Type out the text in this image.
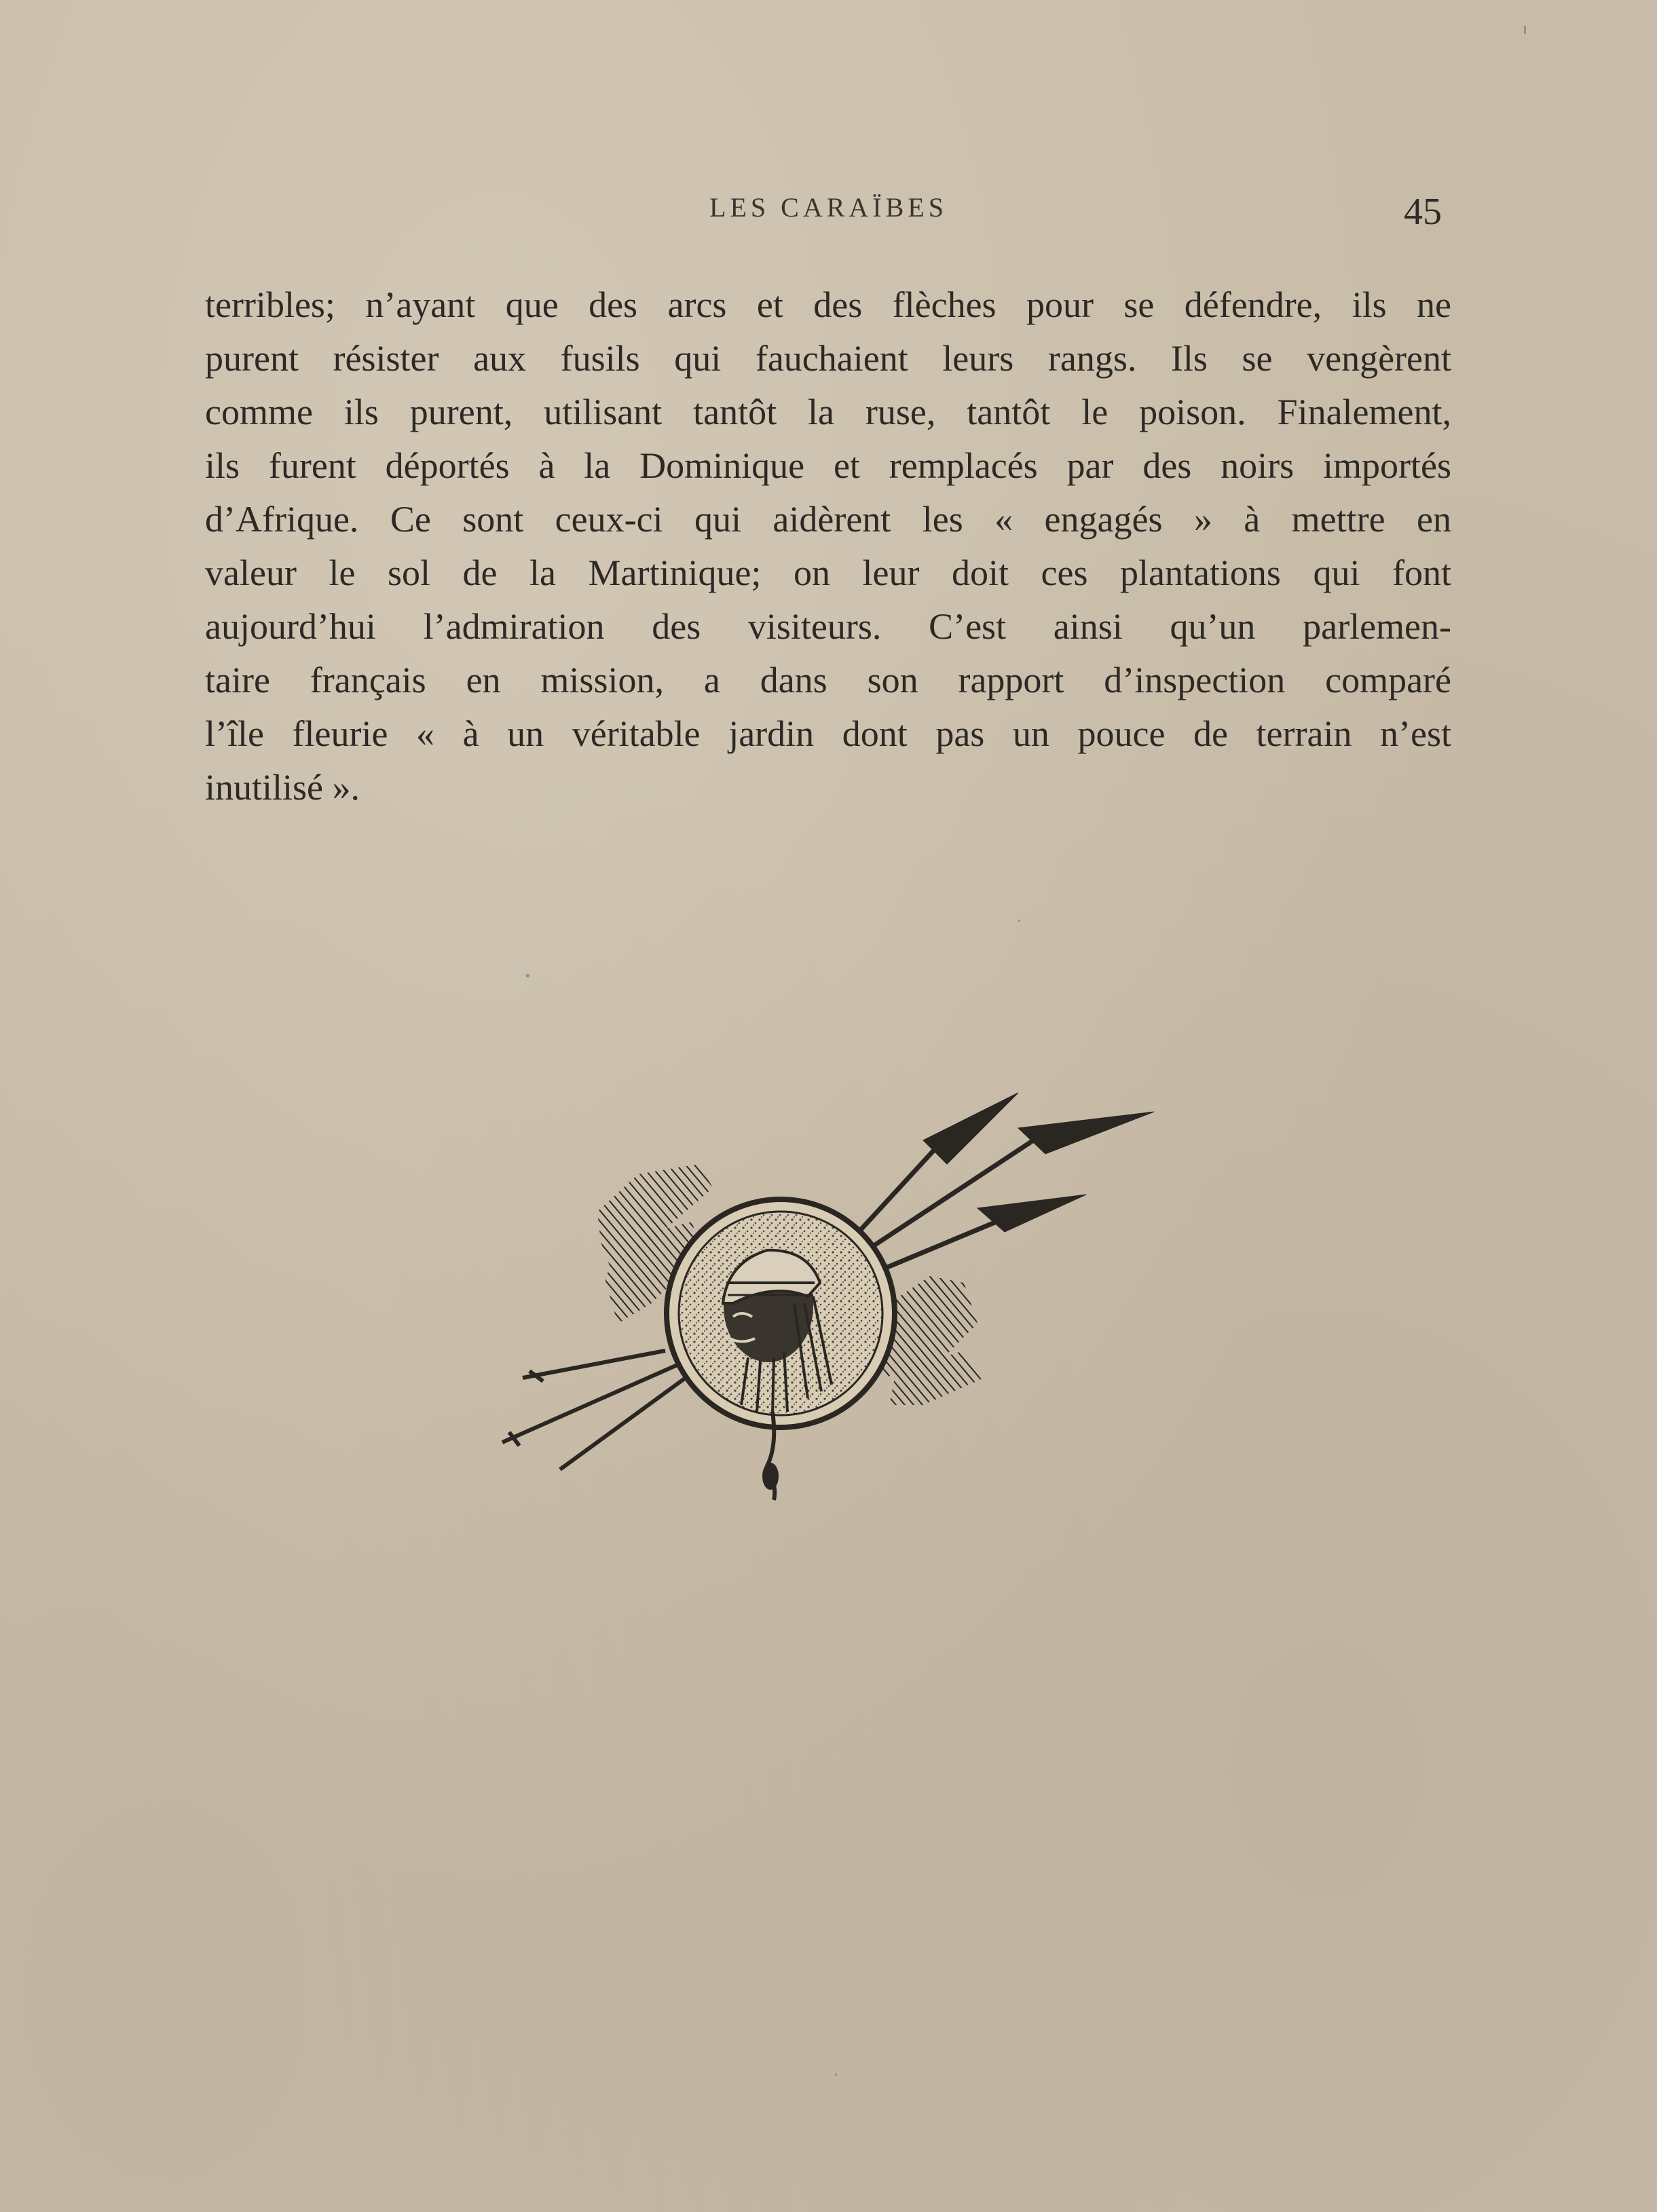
LES CARAÏBES	45
terribles; n’ayant que des arcs et des flèches pour se défendre, ils ne
purent résister aux fusils qui fauchaient leurs rangs. Ils se vengèrent
comme ils purent, utilisant tantôt la ruse, tantôt le poison. Finalement,
ils furent déportés à la Dominique et remplacés par des noirs importés
d’Afrique. Ce sont ceux-ci qui aidèrent les « engagés » à mettre en
valeur le sol de la Martinique; on leur doit ces plantations qui font
aujourd’hui l’admiration des visiteurs. C’est ainsi qu’un parlemen-
taire français en mission, a dans son rapport d’inspection comparé
l’île fleurie « à un véritable jardin dont pas un pouce de terrain n’est
inutilisé ».
